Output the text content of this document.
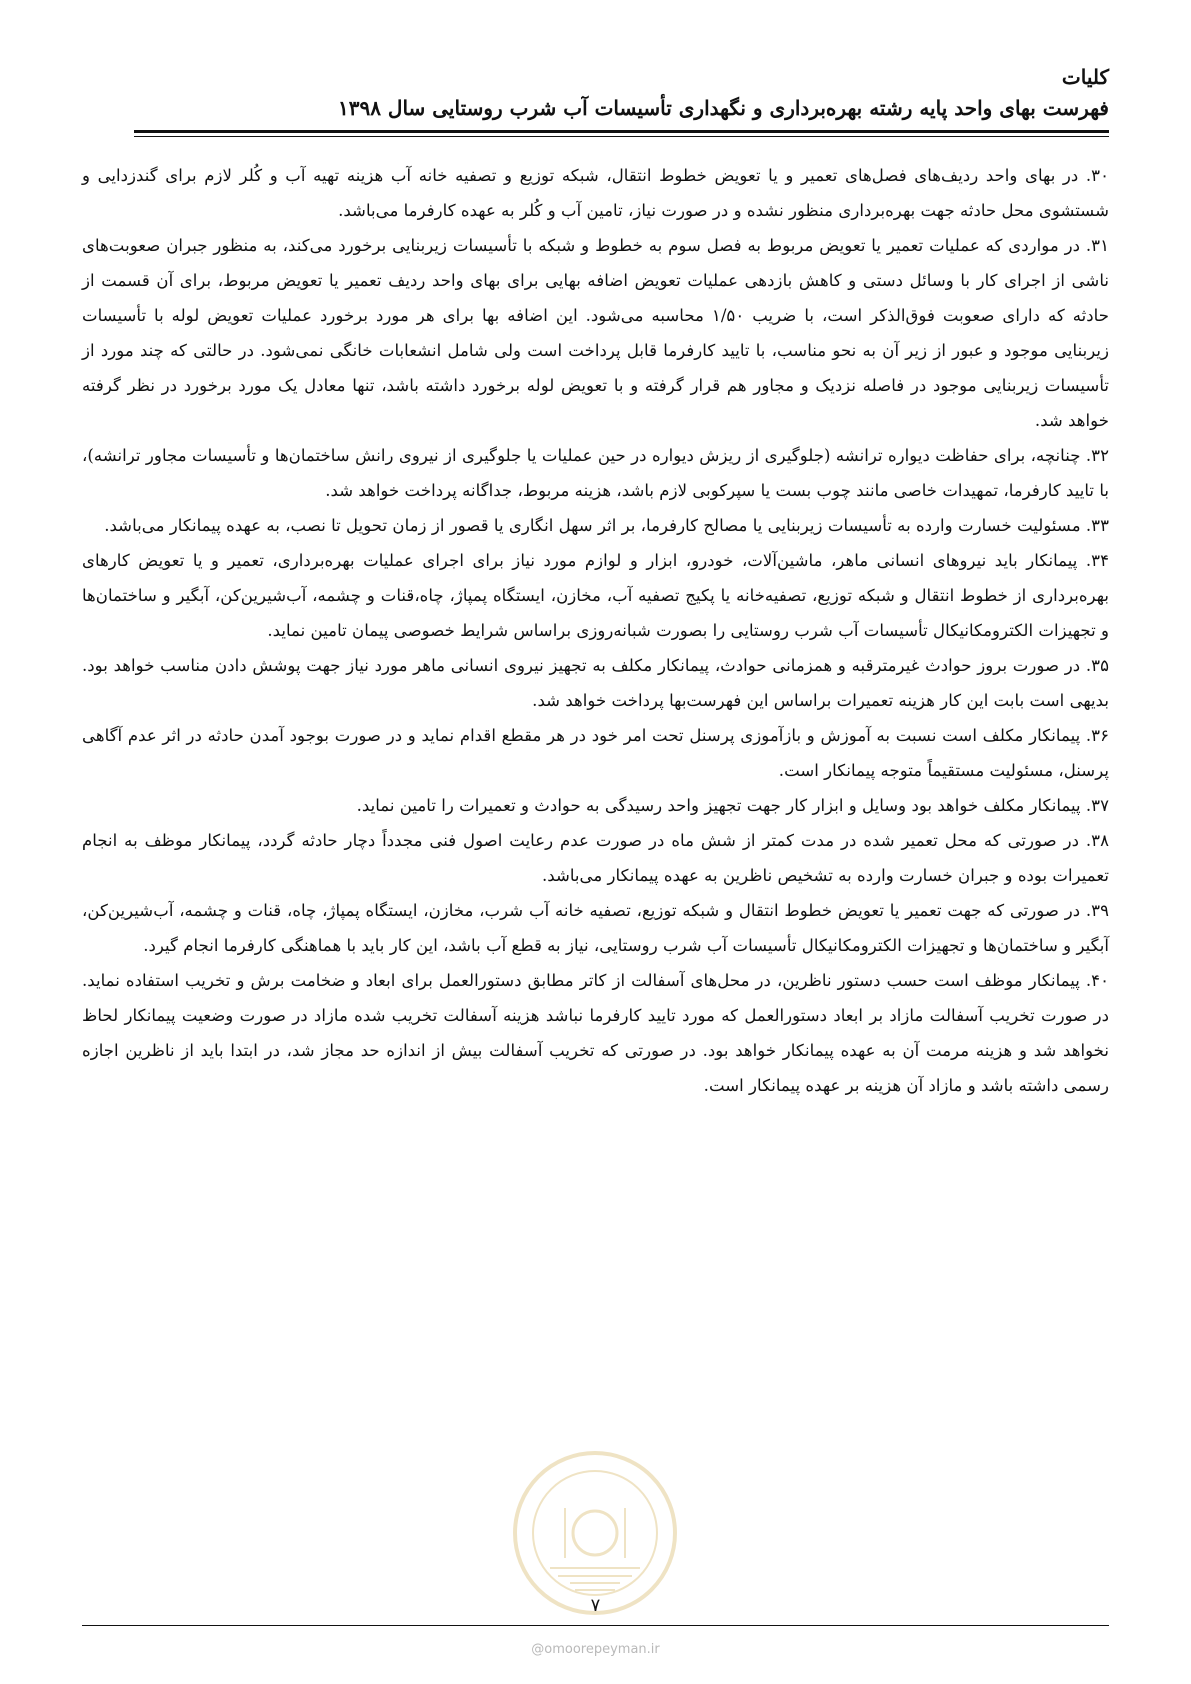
کلیات
فهرست بهای واحد پایه رشته بهره‌برداری و نگهداری تأسیسات آب شرب روستایی سال ۱۳۹۸

۳۰. در بهای واحد ردیف‌های فصل‌های تعمیر و یا تعویض خطوط انتقال، شبکه توزیع و تصفیه خانه آب هزینه تهیه آب و کُلر لازم برای گندزدایی و شستشوی محل حادثه جهت بهره‌برداری منظور نشده و در صورت نیاز، تامین آب و کُلر به عهده کارفرما می‌باشد.

۳۱. در مواردی که عملیات تعمیر یا تعویض مربوط به فصل سوم به خطوط و شبکه با تأسیسات زیربنایی برخورد می‌کند، به منظور جبران صعوبت‌های ناشی از اجرای کار با وسائل دستی و کاهش بازدهی عملیات تعویض اضافه بهایی برای بهای واحد ردیف تعمیر یا تعویض مربوط، برای آن قسمت از حادثه که دارای صعوبت فوق‌الذکر است، با ضریب ۱/۵۰ محاسبه می‌شود. این اضافه بها برای هر مورد برخورد عملیات تعویض لوله با تأسیسات زیربنایی موجود و عبور از زیر آن به نحو مناسب، با تایید کارفرما قابل پرداخت است ولی شامل انشعابات خانگی نمی‌شود. در حالتی که چند مورد از تأسیسات زیربنایی موجود در فاصله نزدیک و مجاور هم قرار گرفته و با تعویض لوله برخورد داشته باشد، تنها معادل یک مورد برخورد در نظر گرفته خواهد شد.

۳۲. چنانچه، برای حفاظت دیواره ترانشه (جلوگیری از ریزش دیواره در حین عملیات یا جلوگیری از نیروی رانش ساختمان‌ها و تأسیسات مجاور ترانشه)، با تایید کارفرما، تمهیدات خاصی مانند چوب بست یا سپرکوبی لازم باشد، هزینه مربوط، جداگانه پرداخت خواهد شد.

۳۳. مسئولیت خسارت وارده به تأسیسات زیربنایی یا مصالح کارفرما، بر اثر سهل انگاری یا قصور از زمان تحویل تا نصب، به عهده پیمانکار می‌باشد.

۳۴. پیمانکار باید نیروهای انسانی ماهر، ماشین‌آلات، خودرو، ابزار و لوازم مورد نیاز برای اجرای عملیات بهره‌برداری، تعمیر و یا تعویض کارهای بهره‌برداری از خطوط انتقال و شبکه توزیع، تصفیه‌خانه یا پکیج تصفیه آب، مخازن، ایستگاه پمپاژ، چاه،قنات و چشمه، آب‌شیرین‌کن، آبگیر و ساختمان‌ها و تجهیزات الکترومکانیکال تأسیسات آب شرب روستایی را بصورت شبانه‌روزی براساس شرایط خصوصی پیمان تامین نماید.

۳۵. در صورت بروز حوادث غیرمترقبه و همزمانی حوادث، پیمانکار مکلف به تجهیز نیروی انسانی ماهر مورد نیاز جهت پوشش دادن مناسب خواهد بود. بدیهی است بابت این کار هزینه تعمیرات براساس این فهرست‌بها پرداخت خواهد شد.

۳۶. پیمانکار مکلف است نسبت به آموزش و بازآموزی پرسنل تحت امر خود در هر مقطع اقدام نماید و در صورت بوجود آمدن حادثه در اثر عدم آگاهی پرسنل، مسئولیت مستقیماً متوجه پیمانکار است.

۳۷. پیمانکار مکلف خواهد بود وسایل و ابزار کار جهت تجهیز واحد رسیدگی به حوادث و تعمیرات را تامین نماید.

۳۸. در صورتی که محل تعمیر شده در مدت کمتر از شش ماه در صورت عدم رعایت اصول فنی مجدداً دچار حادثه گردد، پیمانکار موظف به انجام تعمیرات بوده و جبران خسارت وارده به تشخیص ناظرین به عهده پیمانکار می‌باشد.

۳۹. در صورتی که جهت تعمیر یا تعویض خطوط انتقال و شبکه توزیع، تصفیه خانه آب شرب، مخازن، ایستگاه پمپاژ، چاه، قنات و چشمه، آب‌شیرین‌کن، آبگیر و ساختمان‌ها و تجهیزات الکترومکانیکال تأسیسات آب شرب روستایی، نیاز به قطع آب باشد، این کار باید با هماهنگی کارفرما انجام گیرد.

۴۰. پیمانکار موظف است حسب دستور ناظرین، در محل‌های آسفالت از کاتر مطابق دستورالعمل برای ابعاد و ضخامت برش و تخریب استفاده نماید. در صورت تخریب آسفالت مازاد بر ابعاد دستورالعمل که مورد تایید کارفرما نباشد هزینه آسفالت تخریب شده مازاد در صورت وضعیت پیمانکار لحاظ نخواهد شد و هزینه مرمت آن به عهده پیمانکار خواهد بود. در صورتی که تخریب آسفالت بیش از اندازه حد مجاز شد، در ابتدا باید از ناظرین اجازه رسمی داشته باشد و مازاد آن هزینه بر عهده پیمانکار است.

۷
@omoorepeyman.ir
